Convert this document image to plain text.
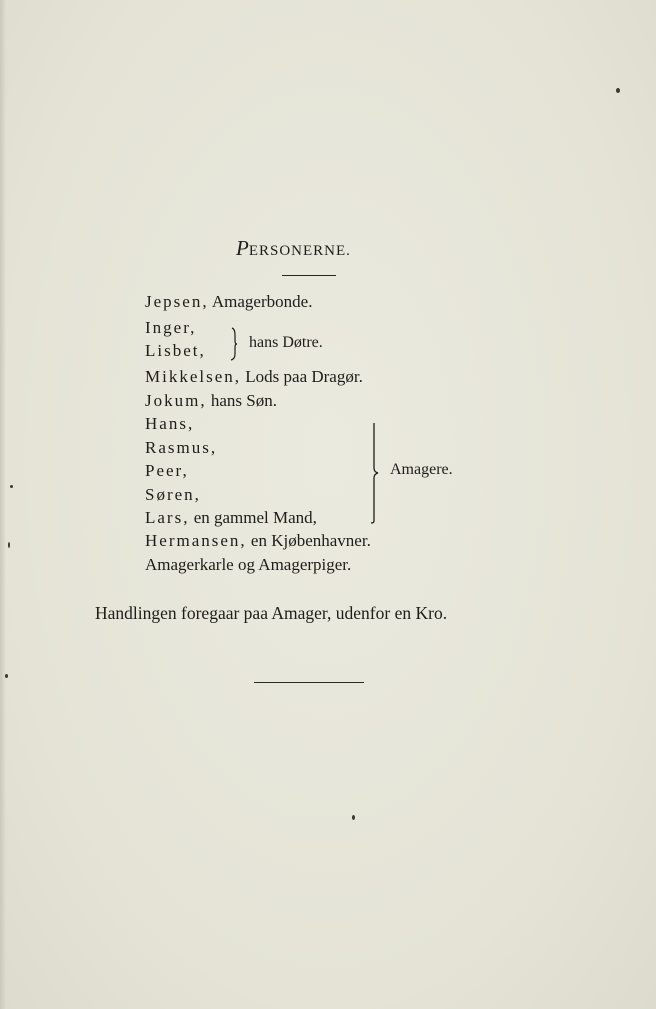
PERSONERNE.
Jepsen, Amagerbonde.
Inger,
Lisbet,	hans Døtre.
Mikkelsen, Lods paa Dragør.
Jokum, hans Søn.
Hans,
Rasmus,
Peer,
Søren,
Lars, en gammel Mand,
Amagere.
Hermansen, en Kjøbenhavner.
Amagerkarle og Amagerpiger.
Handlingen foregaar paa Amager, udenfor en Kro.
